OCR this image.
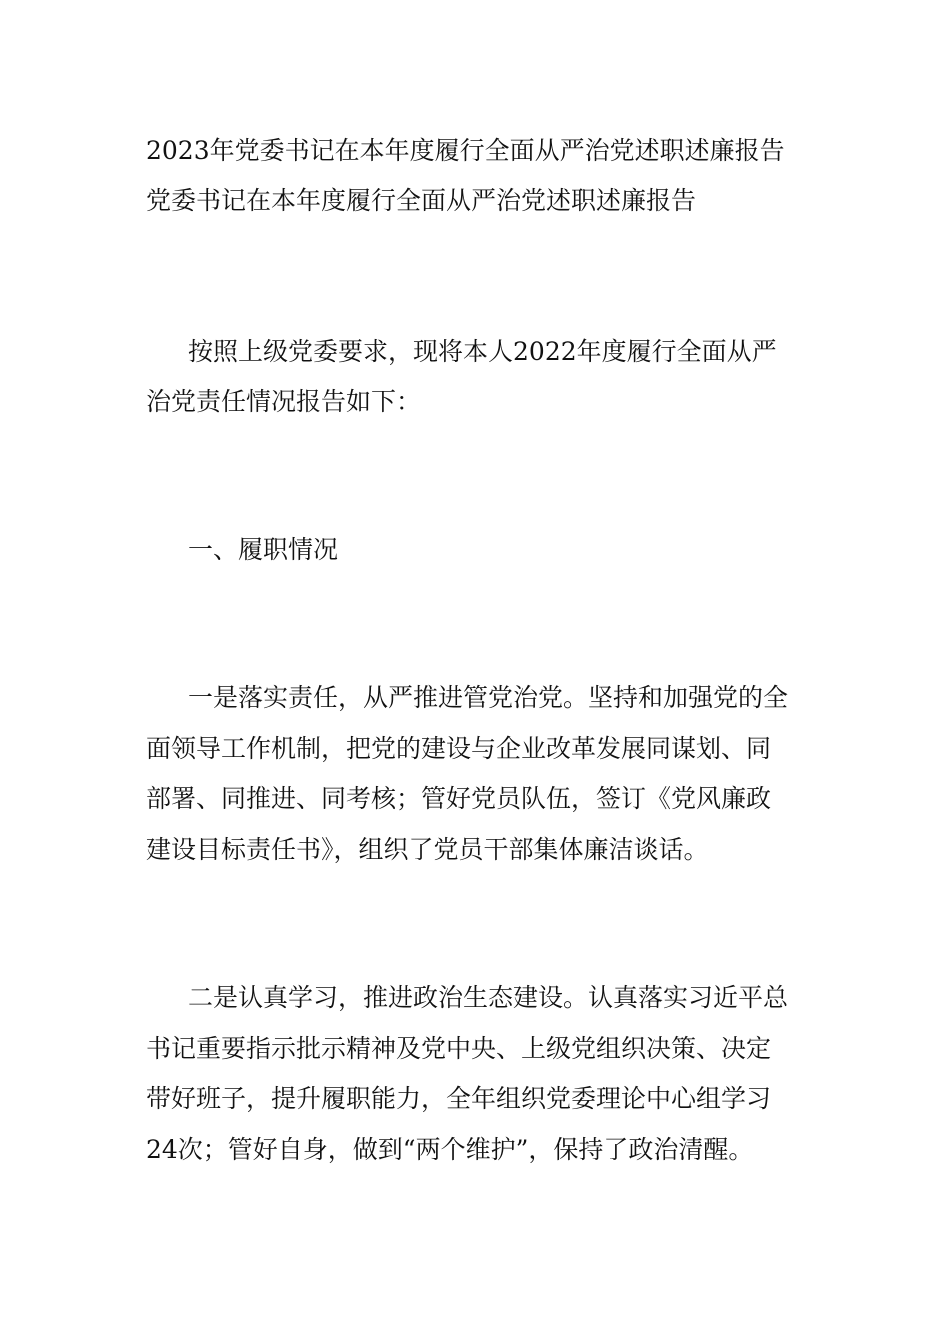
2023年党委书记在本年度履行全面从严治党述职述廉报告
党委书记在本年度履行全面从严治党述职述廉报告
按照上级党委要求，现将本人2022年度履行全面从严
治党责任情况报告如下：
一、履职情况
一是落实责任，从严推进管党治党。坚持和加强党的全
面领导工作机制，把党的建设与企业改革发展同谋划、同
部署、同推进、同考核；管好党员队伍，签订《党风廉政
建设目标责任书》，组织了党员干部集体廉洁谈话。
二是认真学习，推进政治生态建设。认真落实习近平总
书记重要指示批示精神及党中央、上级党组织决策、决定
带好班子，提升履职能力，全年组织党委理论中心组学习
24次；管好自身，做到“两个维护”，保持了政治清醒。
